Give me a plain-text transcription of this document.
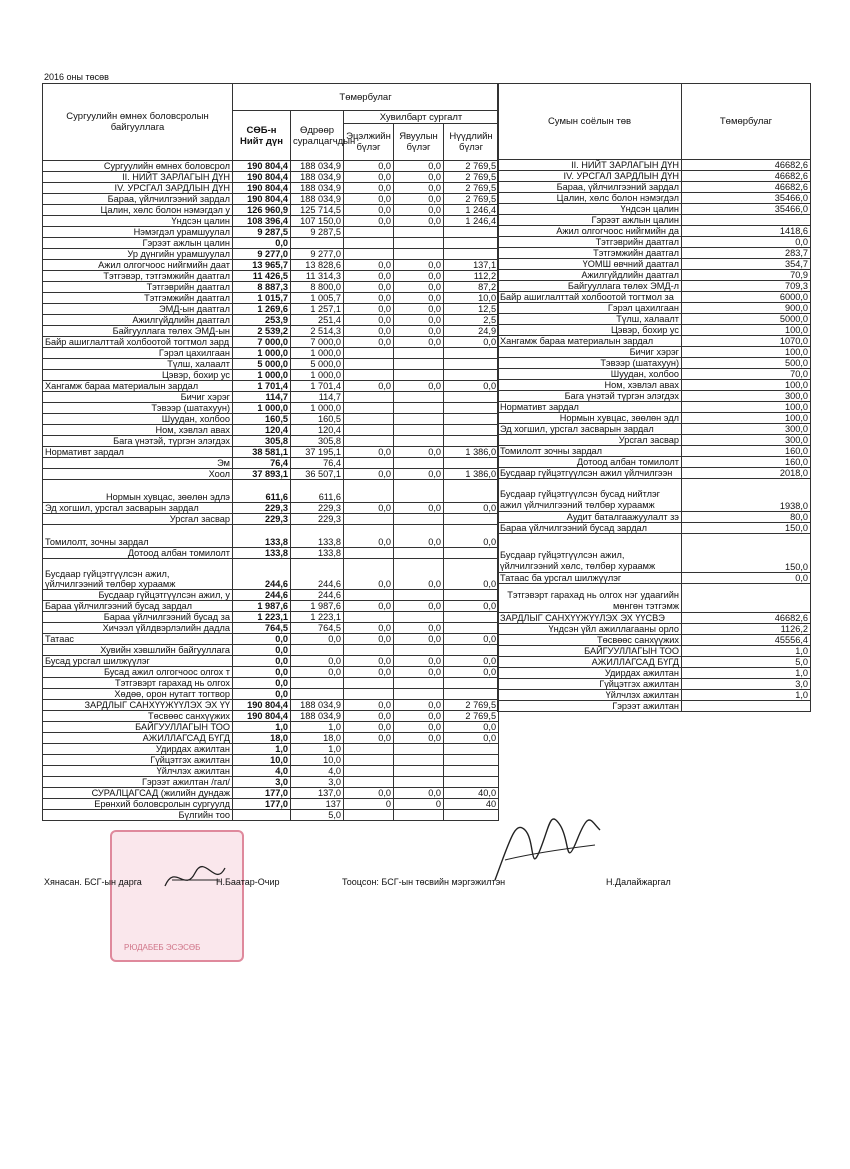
2016 оны төсөв
Сургуулийн өмнөх боловсролын байгууллага	Төмөрбулаг				
	СӨБ-н Нийт дүн	Өдрөөр суралцагчдын	Хувилбарт сургалт		
			Эцэлжийн бүлэг	Явуулын бүлэг	Нүүдлийн бүлэг
Сургуулийн өмнөх боловсрол	190 804,4	188 034,9	0,0	0,0	2 769,5
II. НИЙТ ЗАРЛАГЫН ДҮН	190 804,4	188 034,9	0,0	0,0	2 769,5
IV. УРСГАЛ ЗАРДЛЫН ДҮН	190 804,4	188 034,9	0,0	0,0	2 769,5
Бараа, үйлчилгээний зардал	190 804,4	188 034,9	0,0	0,0	2 769,5
Цалин, хөлс болон нэмэгдэл у	126 960,9	125 714,5	0,0	0,0	1 246,4
Үндсэн цалин	108 396,4	107 150,0	0,0	0,0	1 246,4
Нэмэгдэл урамшуулал	9 287,5	9 287,5			
Гэрээт ажлын цалин	0,0				
Ур дүнгийн урамшуулал	9 277,0	9 277,0			
Ажил олгогчоос нийгмийн даат	13 965,7	13 828,6	0,0	0,0	137,1
Тэтгэвэр, тэтгэмжийн даатгал	11 426,5	11 314,3	0,0	0,0	112,2
Тэтгэврийн даатгал	8 887,3	8 800,0	0,0	0,0	87,2
Тэтгэмжийн даатгал	1 015,7	1 005,7	0,0	0,0	10,0
ЭМД-ын даатгал	1 269,6	1 257,1	0,0	0,0	12,5
Ажилгүйдлийн даатгал	253,9	251,4	0,0	0,0	2,5
Байгууллага төлөх ЭМД-ын	2 539,2	2 514,3	0,0	0,0	24,9
Байр ашиглалттай холбоотой тогтмол зард	7 000,0	7 000,0	0,0	0,0	0,0
Гэрэл цахилгаан	1 000,0	1 000,0			
Түлш, халаалт	5 000,0	5 000,0			
Цэвэр, бохир ус	1 000,0	1 000,0			
Хангамж бараа материалын зардал	1 701,4	1 701,4	0,0	0,0	0,0
Бичиг хэрэг	114,7	114,7			
Тэвээр (шатахуун)	1 000,0	1 000,0			
Шуудан, холбоо	160,5	160,5			
Ном, хэвлэл авах	120,4	120,4			
Бага үнэтэй, түргэн элэгдэх	305,8	305,8			
Нормативт зардал	38 581,1	37 195,1	0,0	0,0	1 386,0
Эм	76,4	76,4			
Хоол	37 893,1	36 507,1	0,0	0,0	1 386,0
Нормын хувцас, зөөлөн эдлэ	611,6	611,6			
Эд хогшил, урсгал засварын зардал	229,3	229,3	0,0	0,0	0,0
Урсгал засвар	229,3	229,3			
Томилолт, зочны зардал	133,8	133,8	0,0	0,0	0,0
Дотоод албан томилолт	133,8	133,8			
Бусдаар гүйцэтгүүлсэн ажил, үйлчилгээний төлбөр хураамж	244,6	244,6	0,0	0,0	0,0
Бусдаар гүйцэтгүүлсэн ажил, у	244,6	244,6			
Бараа үйлчилгээний бусад зардал	1 987,6	1 987,6	0,0	0,0	0,0
Бараа үйлчилгээний бусад за	1 223,1	1 223,1			
Хичээл үйлдвэрлэлийн дадла	764,5	764,5	0,0	0,0	
Татаас	0,0	0,0	0,0	0,0	0,0
Хувийн хэвшлийн байгууллага	0,0				
Бусад урсгал шилжүүлэг	0,0	0,0	0,0	0,0	0,0
Бусад ажил олгогчоос олгох т	0,0	0,0	0,0	0,0	0,0
Тэтгэвэрт гарахад нь олгох	0,0				
Хөдөө, орон нутагт тогтвор	0,0				
ЗАРДЛЫГ САНХҮҮЖҮҮЛЭХ ЭХ ҮҮ	190 804,4	188 034,9	0,0	0,0	2 769,5
Төсвөөс санхүүжих	190 804,4	188 034,9	0,0	0,0	2 769,5
БАЙГУУЛЛАГЫН ТОО	1,0	1,0	0,0	0,0	0,0
АЖИЛЛАГСАД БҮГД	18,0	18,0	0,0	0,0	0,0
Удирдах ажилтан	1,0	1,0			
Гүйцэтгэх ажилтан	10,0	10,0			
Үйлчлэх ажилтан	4,0	4,0			
Гэрээт ажилтан /гал/	3,0	3,0			
СУРАЛЦАГСАД (жилийн дундаж	177,0	137,0	0,0	0,0	40,0
Ерөнхий боловсролын сургуулд	177,0	137	0	0	40
Бүлгийн тоо		5,0			
Сумын соёлын төв	Төмөрбулаг
II. НИЙТ ЗАРЛАГЫН ДҮН	46682,6
IV. УРСГАЛ ЗАРДЛЫН ДҮН	46682,6
Бараа, үйлчилгээний зардал	46682,6
Цалин, хөлс болон нэмэгдэл	35466,0
Үндсэн цалин	35466,0
Гэрээт ажлын цалин	
Ажил олгогчоос нийгмийн да	1418,6
Тэтгэврийн даатгал	0,0
Тэтгэмжийн даатгал	283,7
ҮОМШ өвчний даатгал	354,7
Ажилгүйдлийн даатгал	70,9
Байгууллага төлөх ЭМД-л	709,3
Байр ашиглалттай холбоотой тогтмол за	6000,0
Гэрэл цахилгаан	900,0
Түлш, халаалт	5000,0
Цэвэр, бохир ус	100,0
Хангамж бараа материалын зардал	1070,0
Бичиг хэрэг	100,0
Тэвээр (шатахуун)	500,0
Шуудан, холбоо	70,0
Ном, хэвлэл авах	100,0
Бага үнэтэй түргэн элэгдэх	300,0
Нормативт зардал	100,0
Нормын хувцас, зөөлөн эдл	100,0
Эд хогшил, урсгал засварын зардал	300,0
Урсгал засвар	300,0
Томилолт зочны зардал	160,0
Дотоод албан томилолт	160,0
Бусдаар гүйцэтгүүлсэн ажил үйлчилгээн	2018,0
Бусдаар гүйцэтгүүлсэн бусад нийтлэг ажил үйлчилгээний төлбөр хураамж	1938,0
Аудит баталгаажуулалт зэ	80,0
Бараа үйлчилгээний бусад зардал	150,0
Бусдаар гүйцэтгүүлсэн ажил, үйлчилгээний хөлс, төлбөр хураамж	150,0
Татаас ба урсгал шилжүүлэг	0,0
Тэтгэвэрт гарахад нь олгох нэг удаагийн мөнгөн тэтгэмж	
ЗАРДЛЫГ САНХҮҮЖҮҮЛЭХ ЭХ ҮҮСВЭ	46682,6
Үндсэн үйл ажиллагааны орло	1126,2
Төсвөөс санхүүжих	45556,4
БАЙГУУЛЛАГЫН ТОО	1,0
АЖИЛЛАГСАД БҮГД	5,0
Удирдах ажилтан	1,0
Гүйцэтгэх ажилтан	3,0
Үйлчлэх ажилтан	1,0
Гэрээт ажилтан	
РЮДАБЕБ ЭСЭСӨБ
Хянасан. БСГ-ын дарга	Н.Баатар-Очир	Тооцсон: БСГ-ын төсвийн мэргэжилтэн	Н.Далайжаргал
